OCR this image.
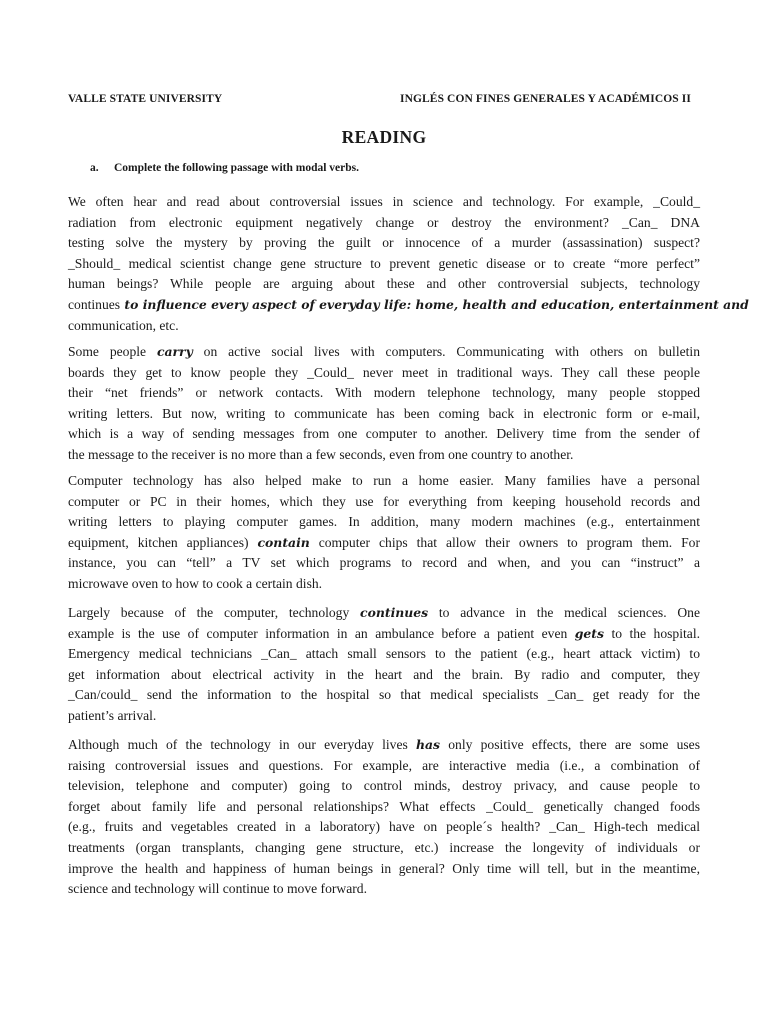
VALLE STATE UNIVERSITY	INGLÉS CON FINES GENERALES Y ACADÉMICOS II
READING
a. Complete the following passage with modal verbs.

We often hear and read about controversial issues in science and technology. For example, _Could_
radiation from electronic equipment negatively change or destroy the environment? _Can_ DNA
testing solve the mystery by proving the guilt or innocence of a murder (assassination) suspect?
_Should_ medical scientist change gene structure to prevent genetic disease or to create “more perfect”
human beings? While people are arguing about these and other controversial subjects, technology
continues to influence every aspect of everyday life: home, health and education, entertainment and
communication, etc.

Some people carry on active social lives with computers. Communicating with others on bulletin
boards they get to know people they _Could_ never meet in traditional ways. They call these people
their “net friends” or network contacts. With modern telephone technology, many people stopped
writing letters. But now, writing to communicate has been coming back in electronic form or e-mail,
which is a way of sending messages from one computer to another. Delivery time from the sender of
the message to the receiver is no more than a few seconds, even from one country to another.

Computer technology has also helped make to run a home easier. Many families have a personal
computer or PC in their homes, which they use for everything from keeping household records and
writing letters to playing computer games. In addition, many modern machines (e.g., entertainment
equipment, kitchen appliances) contain computer chips that allow their owners to program them. For
instance, you can “tell” a TV set which programs to record and when, and you can “instruct” a
microwave oven to how to cook a certain dish.

Largely because of the computer, technology continues to advance in the medical sciences. One
example is the use of computer information in an ambulance before a patient even gets to the hospital.
Emergency medical technicians _Can_ attach small sensors to the patient (e.g., heart attack victim) to
get information about electrical activity in the heart and the brain. By radio and computer, they
_Can/could_ send the information to the hospital so that medical specialists _Can_ get ready for the
patient’s arrival.

Although much of the technology in our everyday lives has only positive effects, there are some uses
raising controversial issues and questions. For example, are interactive media (i.e., a combination of
television, telephone and computer) going to control minds, destroy privacy, and cause people to
forget about family life and personal relationships? What effects _Could_ genetically changed foods
(e.g., fruits and vegetables created in a laboratory) have on people´s health? _Can_ High-tech medical
treatments (organ transplants, changing gene structure, etc.) increase the longevity of individuals or
improve the health and happiness of human beings in general? Only time will tell, but in the meantime,
science and technology will continue to move forward.
